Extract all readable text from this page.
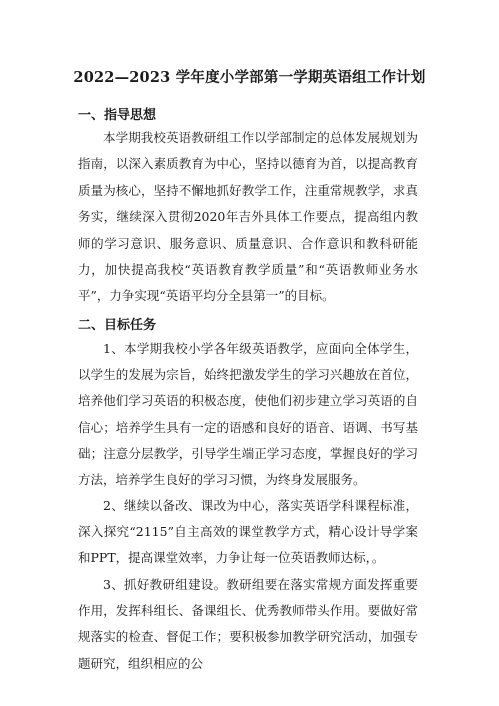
2022—2023 学年度小学部第一学期英语组工作计划
一、指导思想
本学期我校英语教研组工作以学部制定的总体发展规划为指南，以深入素质教育为中心，坚持以德育为首，以提高教育质量为核心，坚持不懈地抓好教学工作，注重常规教学，求真务实，继续深入贯彻2020年吉外具体工作要点，提高组内教师的学习意识、服务意识、质量意识、合作意识和教科研能力，加快提高我校“英语教育教学质量”和“英语教师业务水平”，力争实现“英语平均分全县第一”的目标。
二、目标任务
1、本学期我校小学各年级英语教学，应面向全体学生，以学生的发展为宗旨，始终把激发学生的学习兴趣放在首位，培养他们学习英语的积极态度，使他们初步建立学习英语的自信心；培养学生具有一定的语感和良好的语音、语调、书写基础；注意分层教学，引导学生端正学习态度，掌握良好的学习方法，培养学生良好的学习习惯，为终身发展服务。
2、继续以备改、课改为中心，落实英语学科课程标准，深入探究“2115”自主高效的课堂教学方式，精心设计导学案和PPT，提高课堂效率，力争让每一位英语教师达标，。
3、抓好教研组建设。教研组要在落实常规方面发挥重要作用，发挥科组长、备课组长、优秀教师带头作用。要做好常规落实的检查、督促工作；要积极参加教学研究活动，加强专题研究，组织相应的公
